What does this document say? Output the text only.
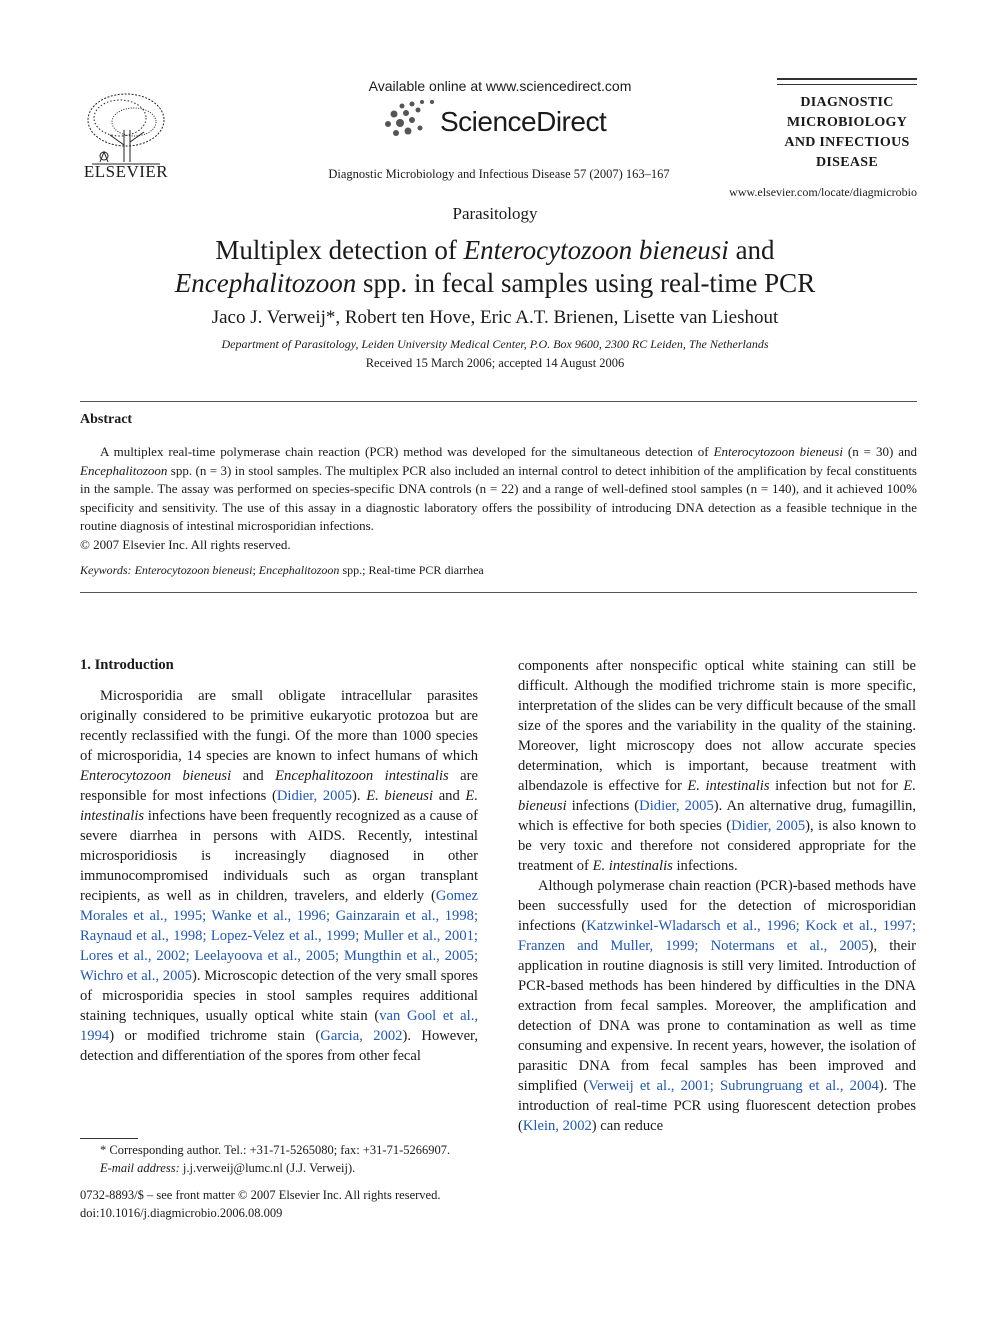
ELSEVIER
Available online at www.sciencedirect.com
ScienceDirect
Diagnostic Microbiology and Infectious Disease 57 (2007) 163–167
DIAGNOSTIC
MICROBIOLOGY
AND INFECTIOUS
DISEASE
www.elsevier.com/locate/diagmicrobio
Parasitology
Multiplex detection of Enterocytozoon bieneusi and
Encephalitozoon spp. in fecal samples using real-time PCR
Jaco J. Verweij*, Robert ten Hove, Eric A.T. Brienen, Lisette van Lieshout
Department of Parasitology, Leiden University Medical Center, P.O. Box 9600, 2300 RC Leiden, The Netherlands
Received 15 March 2006; accepted 14 August 2006
Abstract

A multiplex real-time polymerase chain reaction (PCR) method was developed for the simultaneous detection of Enterocytozoon bieneusi (n = 30) and Encephalitozoon spp. (n = 3) in stool samples. The multiplex PCR also included an internal control to detect inhibition of the amplification by fecal constituents in the sample. The assay was performed on species-specific DNA controls (n = 22) and a range of well-defined stool samples (n = 140), and it achieved 100% specificity and sensitivity. The use of this assay in a diagnostic laboratory offers the possibility of introducing DNA detection as a feasible technique in the routine diagnosis of intestinal microsporidian infections.

© 2007 Elsevier Inc. All rights reserved.

Keywords: Enterocytozoon bieneusi; Encephalitozoon spp.; Real-time PCR diarrhea
1. Introduction

Microsporidia are small obligate intracellular parasites originally considered to be primitive eukaryotic protozoa but are recently reclassified with the fungi. Of the more than 1000 species of microsporidia, 14 species are known to infect humans of which Enterocytozoon bieneusi and Encephalitozoon intestinalis are responsible for most infections (Didier, 2005). E. bieneusi and E. intestinalis infections have been frequently recognized as a cause of severe diarrhea in persons with AIDS. Recently, intestinal microsporidiosis is increasingly diagnosed in other immunocompromised individuals such as organ transplant recipients, as well as in children, travelers, and elderly (Gomez Morales et al., 1995; Wanke et al., 1996; Gainzarain et al., 1998; Raynaud et al., 1998; Lopez-Velez et al., 1999; Muller et al., 2001; Lores et al., 2002; Leelayoova et al., 2005; Mungthin et al., 2005; Wichro et al., 2005). Microscopic detection of the very small spores of microsporidia species in stool samples requires additional staining techniques, usually optical white stain (van Gool et al., 1994) or modified trichrome stain (Garcia, 2002). However, detection and differentiation of the spores from other fecal

components after nonspecific optical white staining can still be difficult. Although the modified trichrome stain is more specific, interpretation of the slides can be very difficult because of the small size of the spores and the variability in the quality of the staining. Moreover, light microscopy does not allow accurate species determination, which is important, because treatment with albendazole is effective for E. intestinalis infection but not for E. bieneusi infections (Didier, 2005). An alternative drug, fumagillin, which is effective for both species (Didier, 2005), is also known to be very toxic and therefore not considered appropriate for the treatment of E. intestinalis infections.

Although polymerase chain reaction (PCR)-based methods have been successfully used for the detection of microsporidian infections (Katzwinkel-Wladarsch et al., 1996; Kock et al., 1997; Franzen and Muller, 1999; Notermans et al., 2005), their application in routine diagnosis is still very limited. Introduction of PCR-based methods has been hindered by difficulties in the DNA extraction from fecal samples. Moreover, the amplification and detection of DNA was prone to contamination as well as time consuming and expensive. In recent years, however, the isolation of parasitic DNA from fecal samples has been improved and simplified (Verweij et al., 2001; Subrungruang et al., 2004). The introduction of real-time PCR using fluorescent detection probes (Klein, 2002) can reduce

* Corresponding author. Tel.: +31-71-5265080; fax: +31-71-5266907.
E-mail address: j.j.verweij@lumc.nl (J.J. Verweij).
0732-8893/$ – see front matter © 2007 Elsevier Inc. All rights reserved.
doi:10.1016/j.diagmicrobio.2006.08.009
